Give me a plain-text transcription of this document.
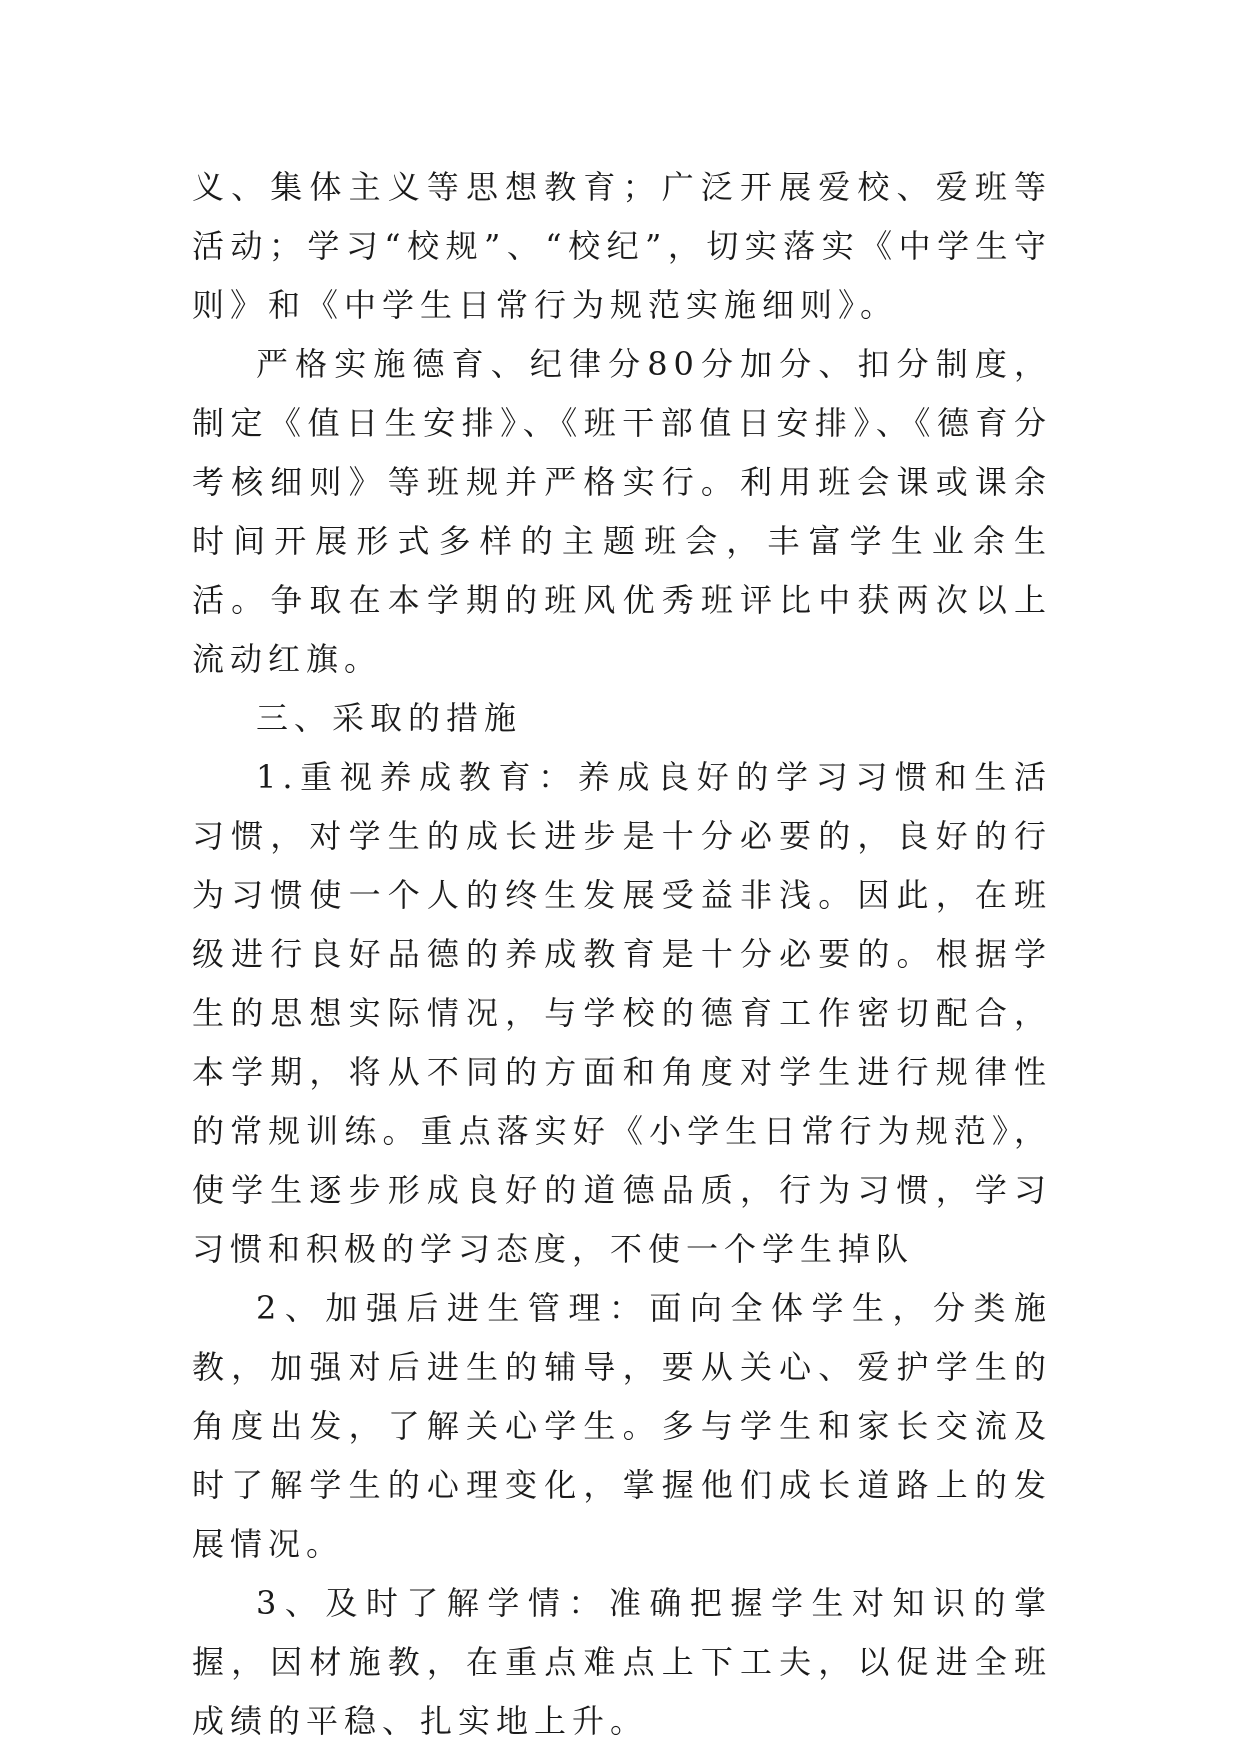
义、集体主义等思想教育；广泛开展爱校、爱班等活动；学习“校规”、“校纪”，切实落实《中学生守则》和《中学生日常行为规范实施细则》。

严格实施德育、纪律分80分加分、扣分制度，制定《值日生安排》、《班干部值日安排》、《德育分考核细则》等班规并严格实行。利用班会课或课余时间开展形式多样的主题班会，丰富学生业余生活。争取在本学期的班风优秀班评比中获两次以上流动红旗。

三、采取的措施

1.重视养成教育：养成良好的学习习惯和生活习惯，对学生的成长进步是十分必要的，良好的行为习惯使一个人的终生发展受益非浅。因此，在班级进行良好品德的养成教育是十分必要的。根据学生的思想实际情况，与学校的德育工作密切配合，本学期，将从不同的方面和角度对学生进行规律性的常规训练。重点落实好《小学生日常行为规范》，使学生逐步形成良好的道德品质，行为习惯，学习习惯和积极的学习态度，不使一个学生掉队

2、加强后进生管理：面向全体学生，分类施教，加强对后进生的辅导，要从关心、爱护学生的角度出发，了解关心学生。多与学生和家长交流及时了解学生的心理变化，掌握他们成长道路上的发展情况。

3、及时了解学情：准确把握学生对知识的掌握，因材施教，在重点难点上下工夫，以促进全班成绩的平稳、扎实地上升。
